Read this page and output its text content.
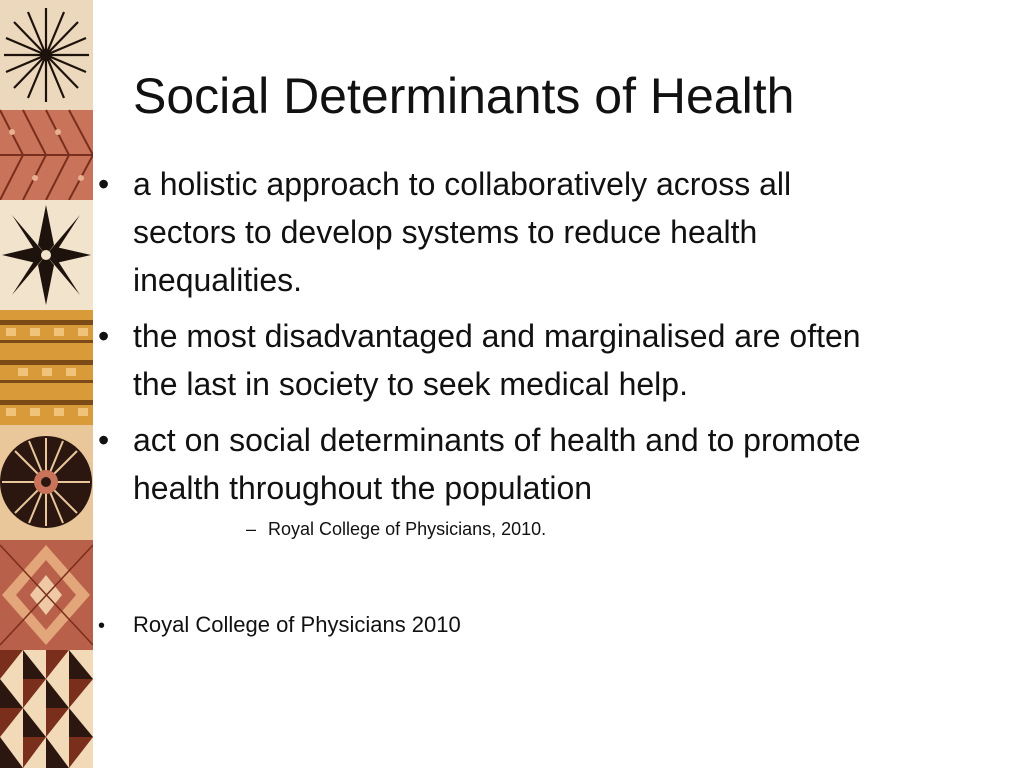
Social Determinants of Health
• a holistic approach to collaboratively across all sectors to develop systems to reduce health inequalities.
• the most disadvantaged and marginalised are often the last in society to seek medical help.
• act on social determinants of health and to promote health throughout the population
– Royal College of Physicians, 2010.
• Royal College of Physicians 2010
